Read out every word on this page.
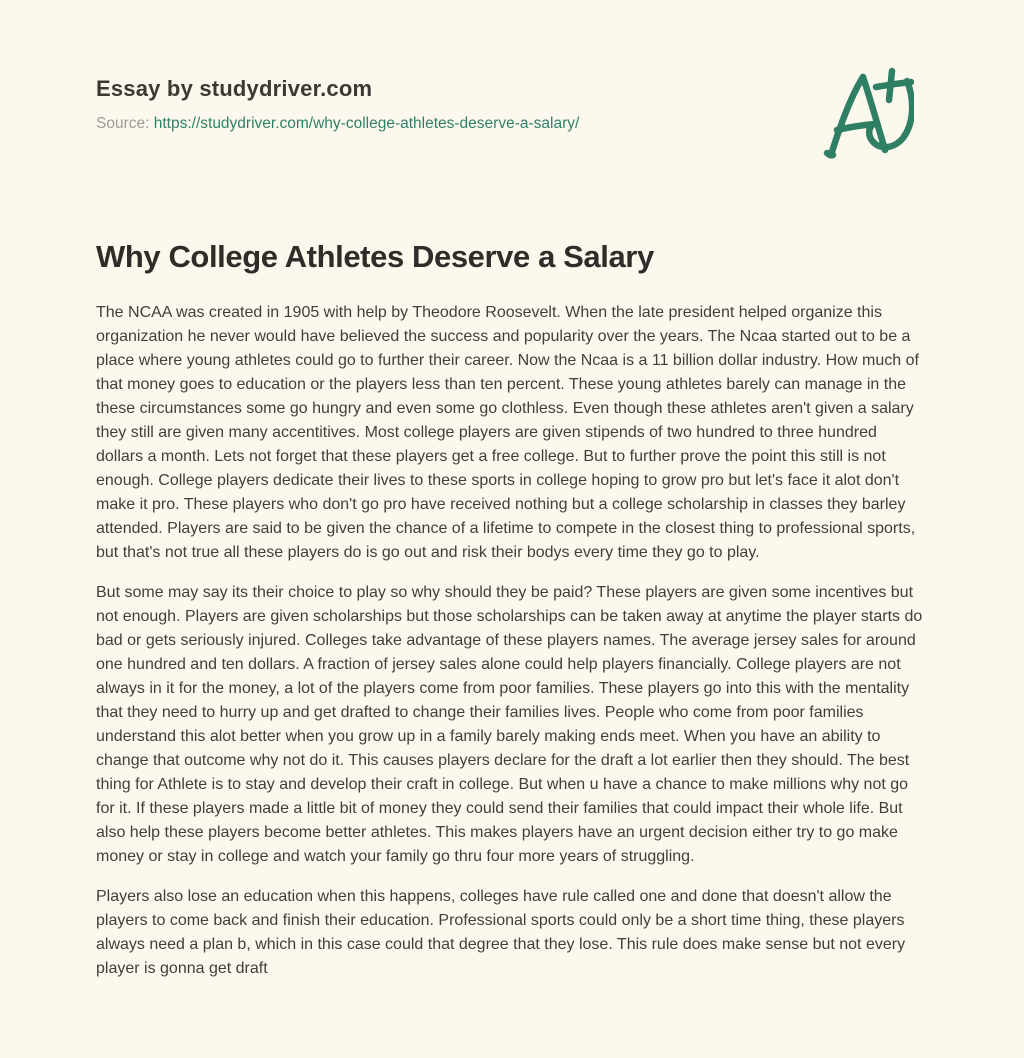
Essay by studydriver.com

Source: https://studydriver.com/why-college-athletes-deserve-a-salary/

Why College Athletes Deserve a Salary

The NCAA was created in 1905 with help by Theodore Roosevelt. When the late president helped organize this organization he never would have believed the success and popularity over the years. The Ncaa started out to be a place where young athletes could go to further their career. Now the Ncaa is a 11 billion dollar industry. How much of that money goes to education or the players less than ten percent. These young athletes barely can manage in the these circumstances some go hungry and even some go clothless. Even though these athletes aren't given a salary they still are given many accentitives. Most college players are given stipends of two hundred to three hundred dollars a month. Lets not forget that these players get a free college. But to further prove the point this still is not enough. College players dedicate their lives to these sports in college hoping to grow pro but let's face it alot don't make it pro. These players who don't go pro have received nothing but a college scholarship in classes they barley attended. Players are said to be given the chance of a lifetime to compete in the closest thing to professional sports, but that's not true all these players do is go out and risk their bodys every time they go to play.

But some may say its their choice to play so why should they be paid? These players are given some incentives but not enough. Players are given scholarships but those scholarships can be taken away at anytime the player starts do bad or gets seriously injured. Colleges take advantage of these players names. The average jersey sales for around one hundred and ten dollars. A fraction of jersey sales alone could help players financially. College players are not always in it for the money, a lot of the players come from poor families. These players go into this with the mentality that they need to hurry up and get drafted to change their families lives. People who come from poor families understand this alot better when you grow up in a family barely making ends meet. When you have an ability to change that outcome why not do it. This causes players declare for the draft a lot earlier then they should. The best thing for Athlete is to stay and develop their craft in college. But when u have a chance to make millions why not go for it. If these players made a little bit of money they could send their families that could impact their whole life. But also help these players become better athletes. This makes players have an urgent decision either try to go make money or stay in college and watch your family go thru four more years of struggling.

Players also lose an education when this happens, colleges have rule called one and done that doesn't allow the players to come back and finish their education. Professional sports could only be a short time thing, these players always need a plan b, which in this case could that degree that they lose. This rule does make sense but not every player is gonna get draft
